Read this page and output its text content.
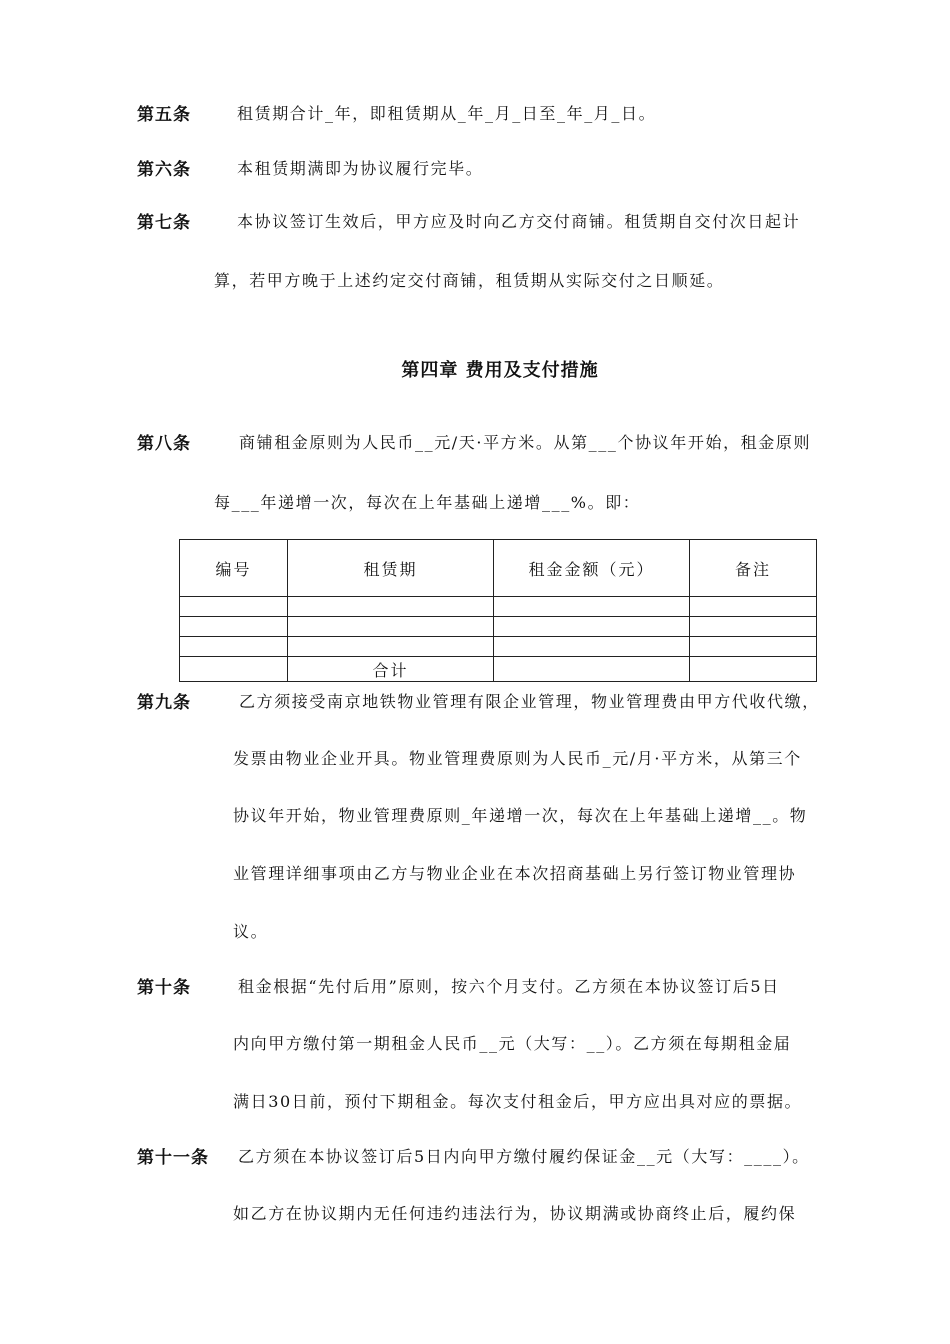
第五条	租赁期合计_年，即租赁期从_年_月_日至_年_月_日。
第六条	本租赁期满即为协议履行完毕。
第七条	本协议签订生效后，甲方应及时向乙方交付商铺。租赁期自交付次日起计
算，若甲方晚于上述约定交付商铺，租赁期从实际交付之日顺延。
第四章 费用及支付措施
第八条	商铺租金原则为人民币__元/天·平方米。从第___个协议年开始，租金原则
每___年递增一次，每次在上年基础上递增___%。即：
编号	租赁期	租金金额（元）	备注

	合计		
第九条	乙方须接受南京地铁物业管理有限企业管理，物业管理费由甲方代收代缴，
发票由物业企业开具。物业管理费原则为人民币_元/月·平方米，从第三个
协议年开始，物业管理费原则_年递增一次，每次在上年基础上递增__。物
业管理详细事项由乙方与物业企业在本次招商基础上另行签订物业管理协
议。
第十条	租金根据“先付后用”原则，按六个月支付。乙方须在本协议签订后5日
内向甲方缴付第一期租金人民币__元（大写：__）。乙方须在每期租金届
满日30日前，预付下期租金。每次支付租金后，甲方应出具对应的票据。
第十一条 乙方须在本协议签订后5日内向甲方缴付履约保证金__元（大写：____）。
如乙方在协议期内无任何违约违法行为，协议期满或协商终止后，履约保
